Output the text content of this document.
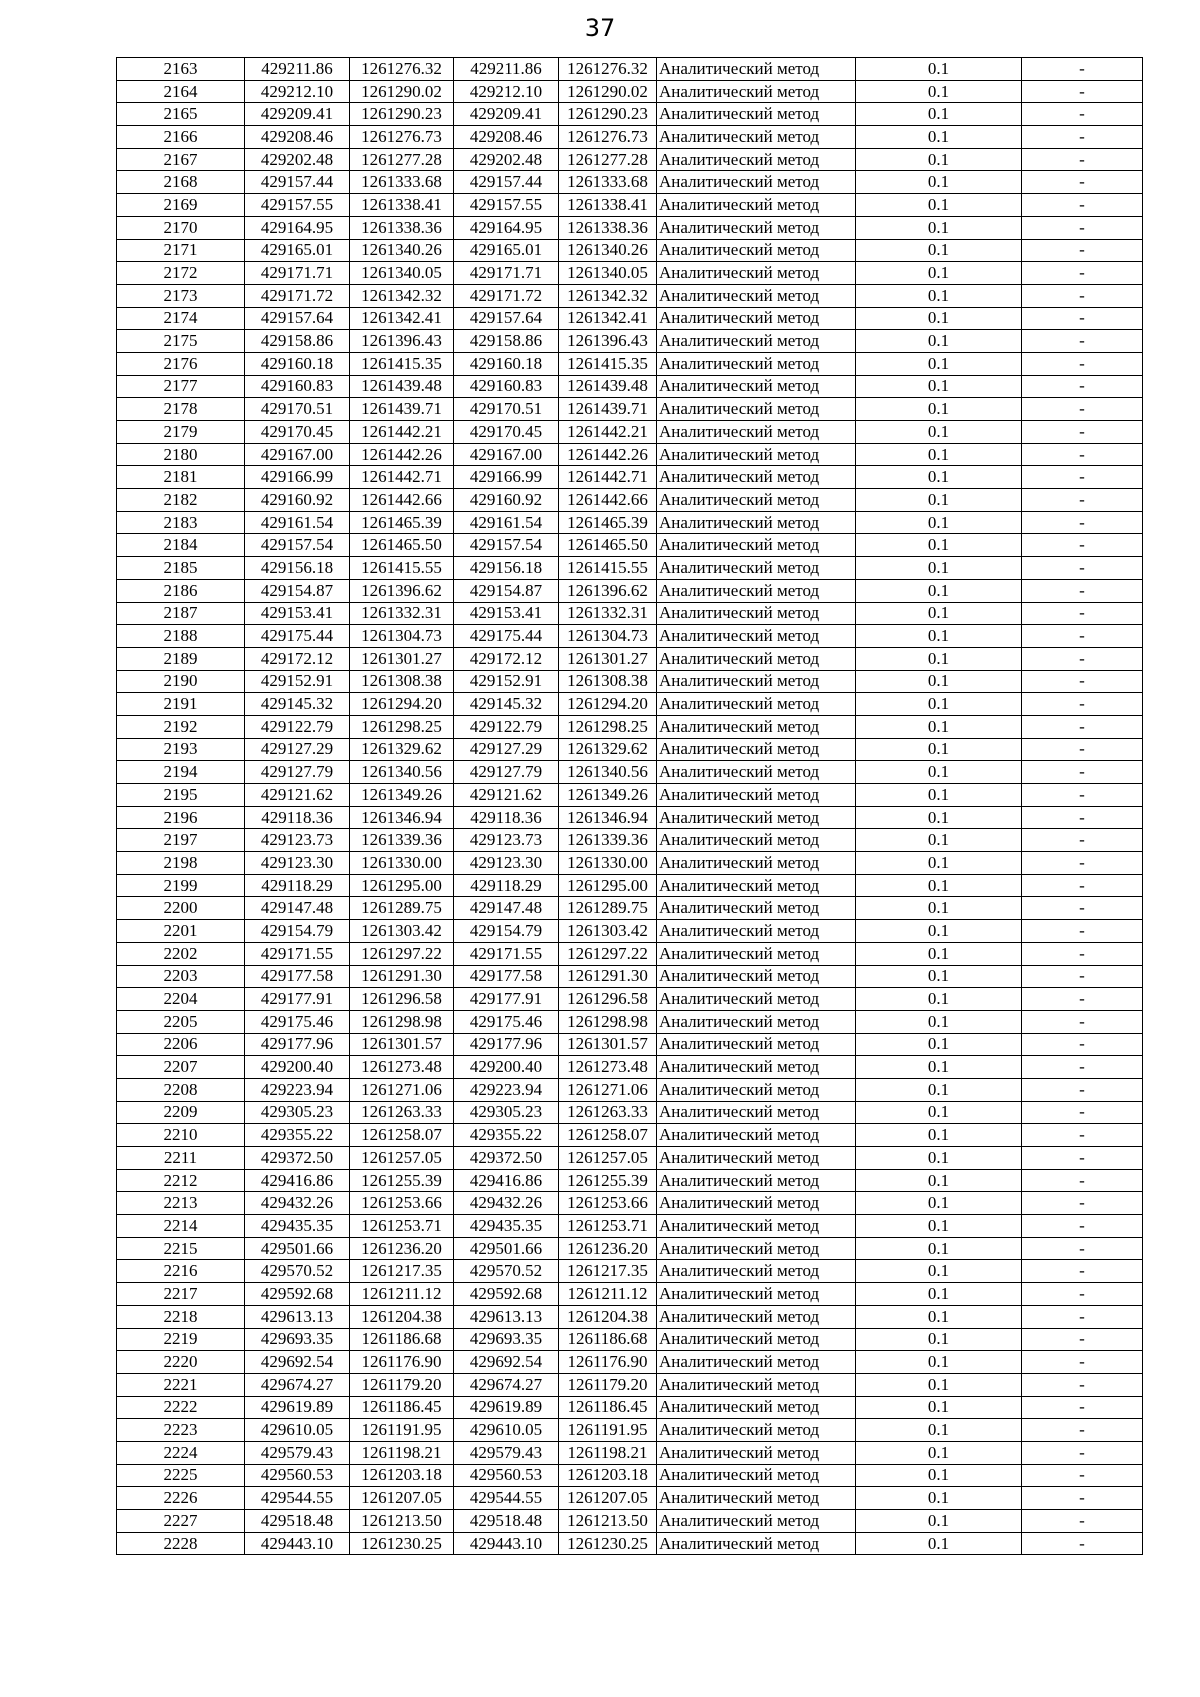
37
2163	429211.86	1261276.32	429211.86	1261276.32	Аналитический метод	0.1	-
2164	429212.10	1261290.02	429212.10	1261290.02	Аналитический метод	0.1	-
2165	429209.41	1261290.23	429209.41	1261290.23	Аналитический метод	0.1	-
2166	429208.46	1261276.73	429208.46	1261276.73	Аналитический метод	0.1	-
2167	429202.48	1261277.28	429202.48	1261277.28	Аналитический метод	0.1	-
2168	429157.44	1261333.68	429157.44	1261333.68	Аналитический метод	0.1	-
2169	429157.55	1261338.41	429157.55	1261338.41	Аналитический метод	0.1	-
2170	429164.95	1261338.36	429164.95	1261338.36	Аналитический метод	0.1	-
2171	429165.01	1261340.26	429165.01	1261340.26	Аналитический метод	0.1	-
2172	429171.71	1261340.05	429171.71	1261340.05	Аналитический метод	0.1	-
2173	429171.72	1261342.32	429171.72	1261342.32	Аналитический метод	0.1	-
2174	429157.64	1261342.41	429157.64	1261342.41	Аналитический метод	0.1	-
2175	429158.86	1261396.43	429158.86	1261396.43	Аналитический метод	0.1	-
2176	429160.18	1261415.35	429160.18	1261415.35	Аналитический метод	0.1	-
2177	429160.83	1261439.48	429160.83	1261439.48	Аналитический метод	0.1	-
2178	429170.51	1261439.71	429170.51	1261439.71	Аналитический метод	0.1	-
2179	429170.45	1261442.21	429170.45	1261442.21	Аналитический метод	0.1	-
2180	429167.00	1261442.26	429167.00	1261442.26	Аналитический метод	0.1	-
2181	429166.99	1261442.71	429166.99	1261442.71	Аналитический метод	0.1	-
2182	429160.92	1261442.66	429160.92	1261442.66	Аналитический метод	0.1	-
2183	429161.54	1261465.39	429161.54	1261465.39	Аналитический метод	0.1	-
2184	429157.54	1261465.50	429157.54	1261465.50	Аналитический метод	0.1	-
2185	429156.18	1261415.55	429156.18	1261415.55	Аналитический метод	0.1	-
2186	429154.87	1261396.62	429154.87	1261396.62	Аналитический метод	0.1	-
2187	429153.41	1261332.31	429153.41	1261332.31	Аналитический метод	0.1	-
2188	429175.44	1261304.73	429175.44	1261304.73	Аналитический метод	0.1	-
2189	429172.12	1261301.27	429172.12	1261301.27	Аналитический метод	0.1	-
2190	429152.91	1261308.38	429152.91	1261308.38	Аналитический метод	0.1	-
2191	429145.32	1261294.20	429145.32	1261294.20	Аналитический метод	0.1	-
2192	429122.79	1261298.25	429122.79	1261298.25	Аналитический метод	0.1	-
2193	429127.29	1261329.62	429127.29	1261329.62	Аналитический метод	0.1	-
2194	429127.79	1261340.56	429127.79	1261340.56	Аналитический метод	0.1	-
2195	429121.62	1261349.26	429121.62	1261349.26	Аналитический метод	0.1	-
2196	429118.36	1261346.94	429118.36	1261346.94	Аналитический метод	0.1	-
2197	429123.73	1261339.36	429123.73	1261339.36	Аналитический метод	0.1	-
2198	429123.30	1261330.00	429123.30	1261330.00	Аналитический метод	0.1	-
2199	429118.29	1261295.00	429118.29	1261295.00	Аналитический метод	0.1	-
2200	429147.48	1261289.75	429147.48	1261289.75	Аналитический метод	0.1	-
2201	429154.79	1261303.42	429154.79	1261303.42	Аналитический метод	0.1	-
2202	429171.55	1261297.22	429171.55	1261297.22	Аналитический метод	0.1	-
2203	429177.58	1261291.30	429177.58	1261291.30	Аналитический метод	0.1	-
2204	429177.91	1261296.58	429177.91	1261296.58	Аналитический метод	0.1	-
2205	429175.46	1261298.98	429175.46	1261298.98	Аналитический метод	0.1	-
2206	429177.96	1261301.57	429177.96	1261301.57	Аналитический метод	0.1	-
2207	429200.40	1261273.48	429200.40	1261273.48	Аналитический метод	0.1	-
2208	429223.94	1261271.06	429223.94	1261271.06	Аналитический метод	0.1	-
2209	429305.23	1261263.33	429305.23	1261263.33	Аналитический метод	0.1	-
2210	429355.22	1261258.07	429355.22	1261258.07	Аналитический метод	0.1	-
2211	429372.50	1261257.05	429372.50	1261257.05	Аналитический метод	0.1	-
2212	429416.86	1261255.39	429416.86	1261255.39	Аналитический метод	0.1	-
2213	429432.26	1261253.66	429432.26	1261253.66	Аналитический метод	0.1	-
2214	429435.35	1261253.71	429435.35	1261253.71	Аналитический метод	0.1	-
2215	429501.66	1261236.20	429501.66	1261236.20	Аналитический метод	0.1	-
2216	429570.52	1261217.35	429570.52	1261217.35	Аналитический метод	0.1	-
2217	429592.68	1261211.12	429592.68	1261211.12	Аналитический метод	0.1	-
2218	429613.13	1261204.38	429613.13	1261204.38	Аналитический метод	0.1	-
2219	429693.35	1261186.68	429693.35	1261186.68	Аналитический метод	0.1	-
2220	429692.54	1261176.90	429692.54	1261176.90	Аналитический метод	0.1	-
2221	429674.27	1261179.20	429674.27	1261179.20	Аналитический метод	0.1	-
2222	429619.89	1261186.45	429619.89	1261186.45	Аналитический метод	0.1	-
2223	429610.05	1261191.95	429610.05	1261191.95	Аналитический метод	0.1	-
2224	429579.43	1261198.21	429579.43	1261198.21	Аналитический метод	0.1	-
2225	429560.53	1261203.18	429560.53	1261203.18	Аналитический метод	0.1	-
2226	429544.55	1261207.05	429544.55	1261207.05	Аналитический метод	0.1	-
2227	429518.48	1261213.50	429518.48	1261213.50	Аналитический метод	0.1	-
2228	429443.10	1261230.25	429443.10	1261230.25	Аналитический метод	0.1	-
